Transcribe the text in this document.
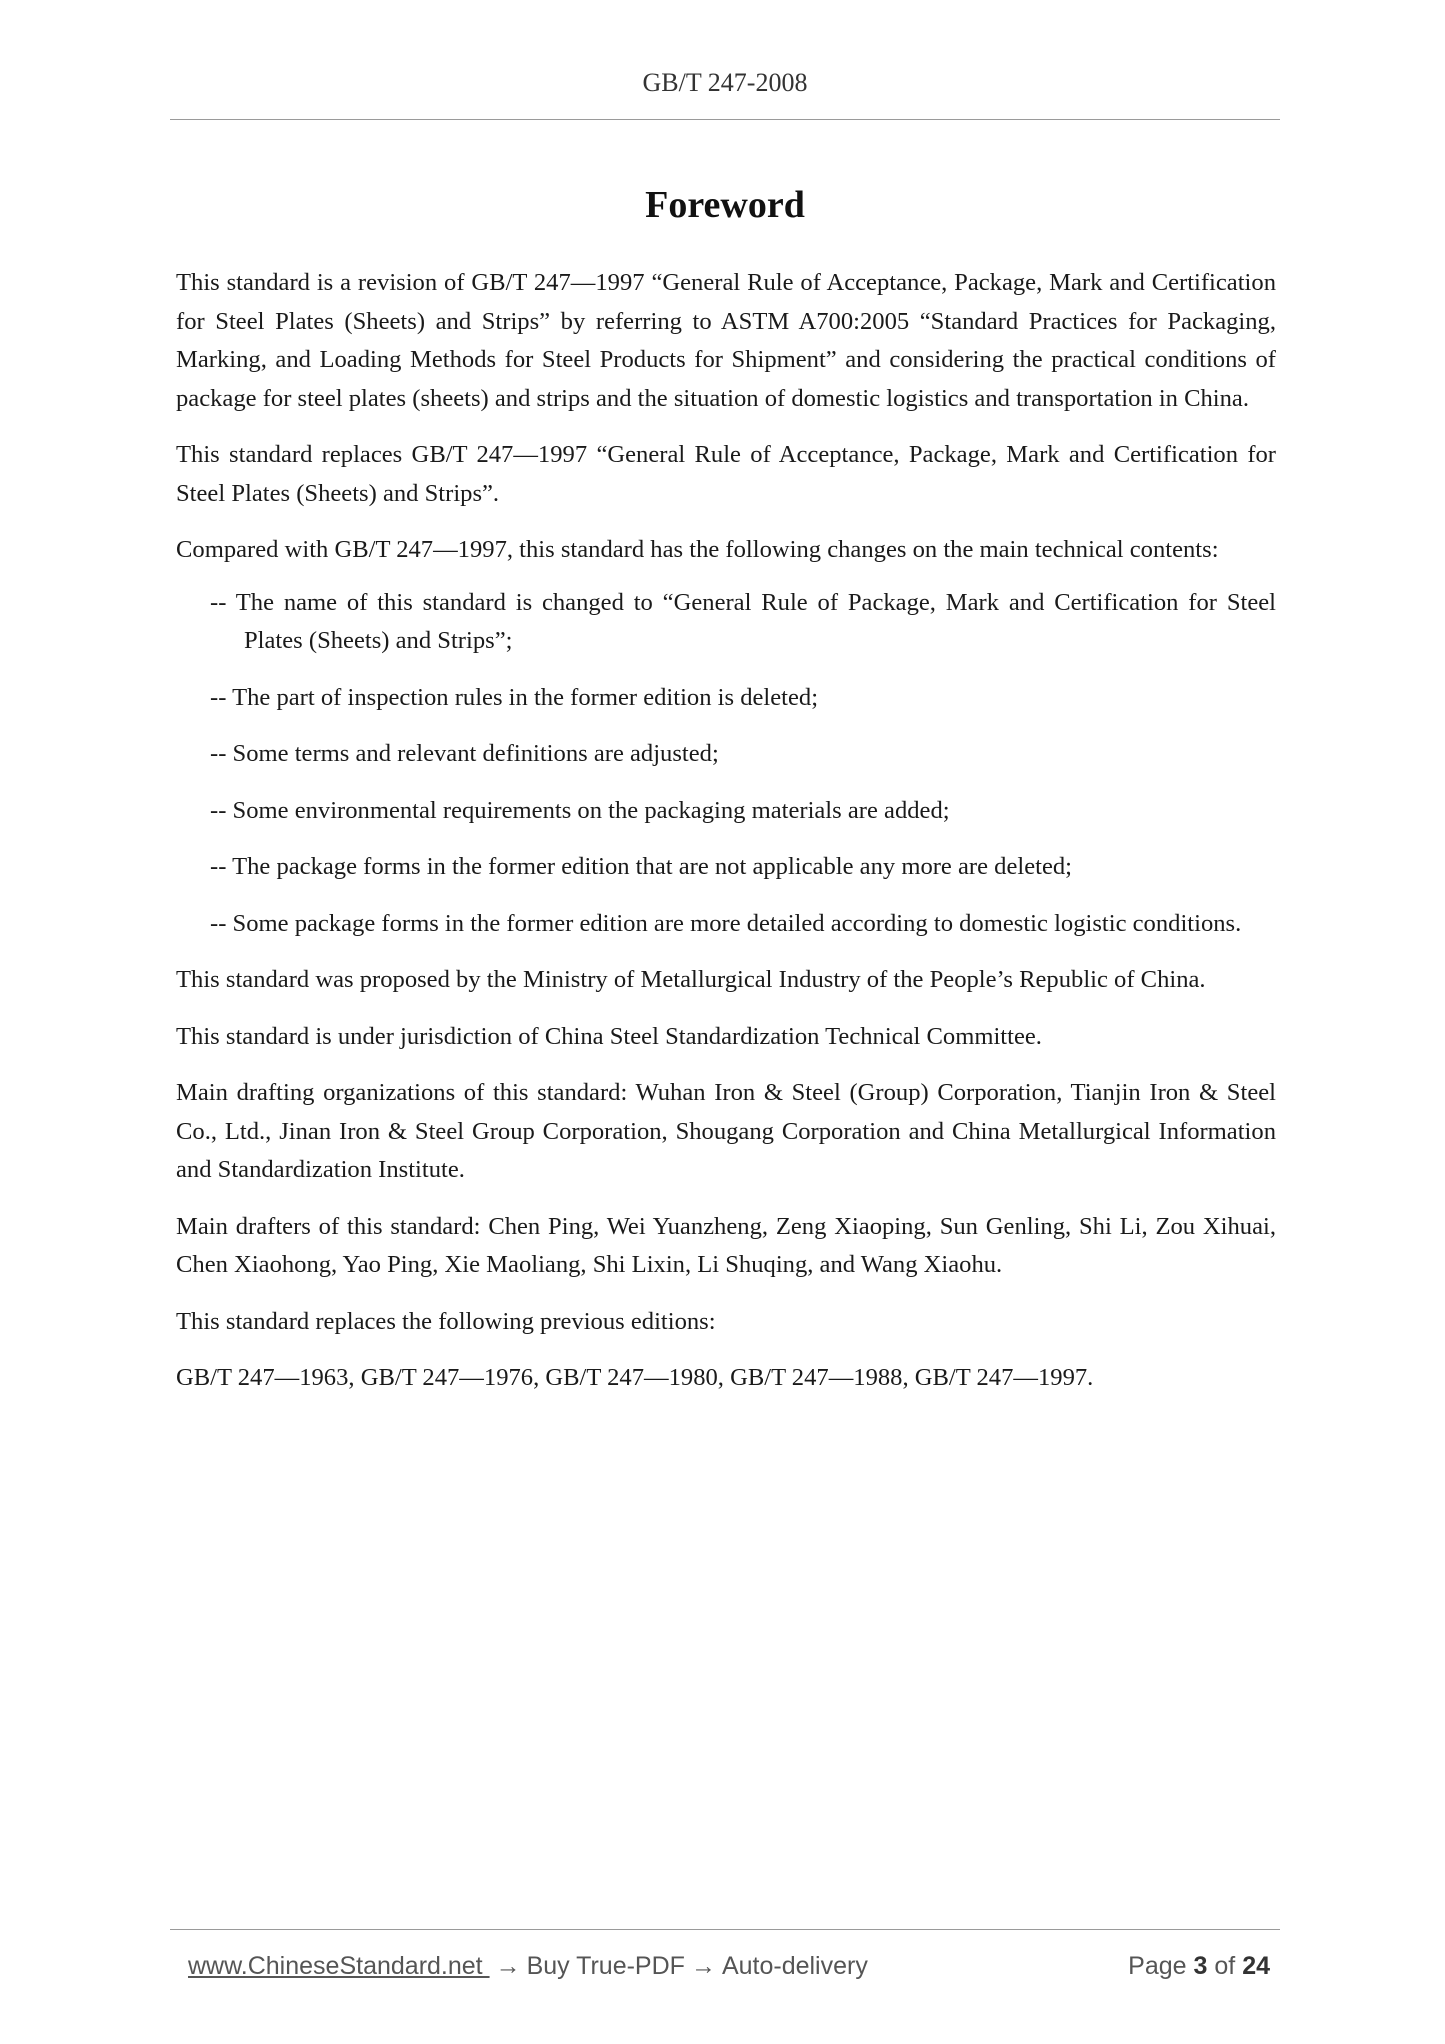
GB/T 247-2008
Foreword

This standard is a revision of GB/T 247—1997 “General Rule of Acceptance, Package, Mark and Certification for Steel Plates (Sheets) and Strips” by referring to ASTM A700:2005 “Standard Practices for Packaging, Marking, and Loading Methods for Steel Products for Shipment” and considering the practical conditions of package for steel plates (sheets) and strips and the situation of domestic logistics and transportation in China.

This standard replaces GB/T 247—1997 “General Rule of Acceptance, Package, Mark and Certification for Steel Plates (Sheets) and Strips”.

Compared with GB/T 247—1997, this standard has the following changes on the main technical contents:

-- The name of this standard is changed to “General Rule of Package, Mark and Certification for Steel Plates (Sheets) and Strips”;
-- The part of inspection rules in the former edition is deleted;
-- Some terms and relevant definitions are adjusted;
-- Some environmental requirements on the packaging materials are added;
-- The package forms in the former edition that are not applicable any more are deleted;
-- Some package forms in the former edition are more detailed according to domestic logistic conditions.

This standard was proposed by the Ministry of Metallurgical Industry of the People’s Republic of China.

This standard is under jurisdiction of China Steel Standardization Technical Committee.

Main drafting organizations of this standard: Wuhan Iron & Steel (Group) Corporation, Tianjin Iron & Steel Co., Ltd., Jinan Iron & Steel Group Corporation, Shougang Corporation and China Metallurgical Information and Standardization Institute.

Main drafters of this standard: Chen Ping, Wei Yuanzheng, Zeng Xiaoping, Sun Genling, Shi Li, Zou Xihuai, Chen Xiaohong, Yao Ping, Xie Maoliang, Shi Lixin, Li Shuqing, and Wang Xiaohu.

This standard replaces the following previous editions:

GB/T 247—1963, GB/T 247—1976, GB/T 247—1980, GB/T 247—1988, GB/T 247—1997.

www.ChineseStandard.net → Buy True-PDF → Auto-delivery	Page 3 of 24
